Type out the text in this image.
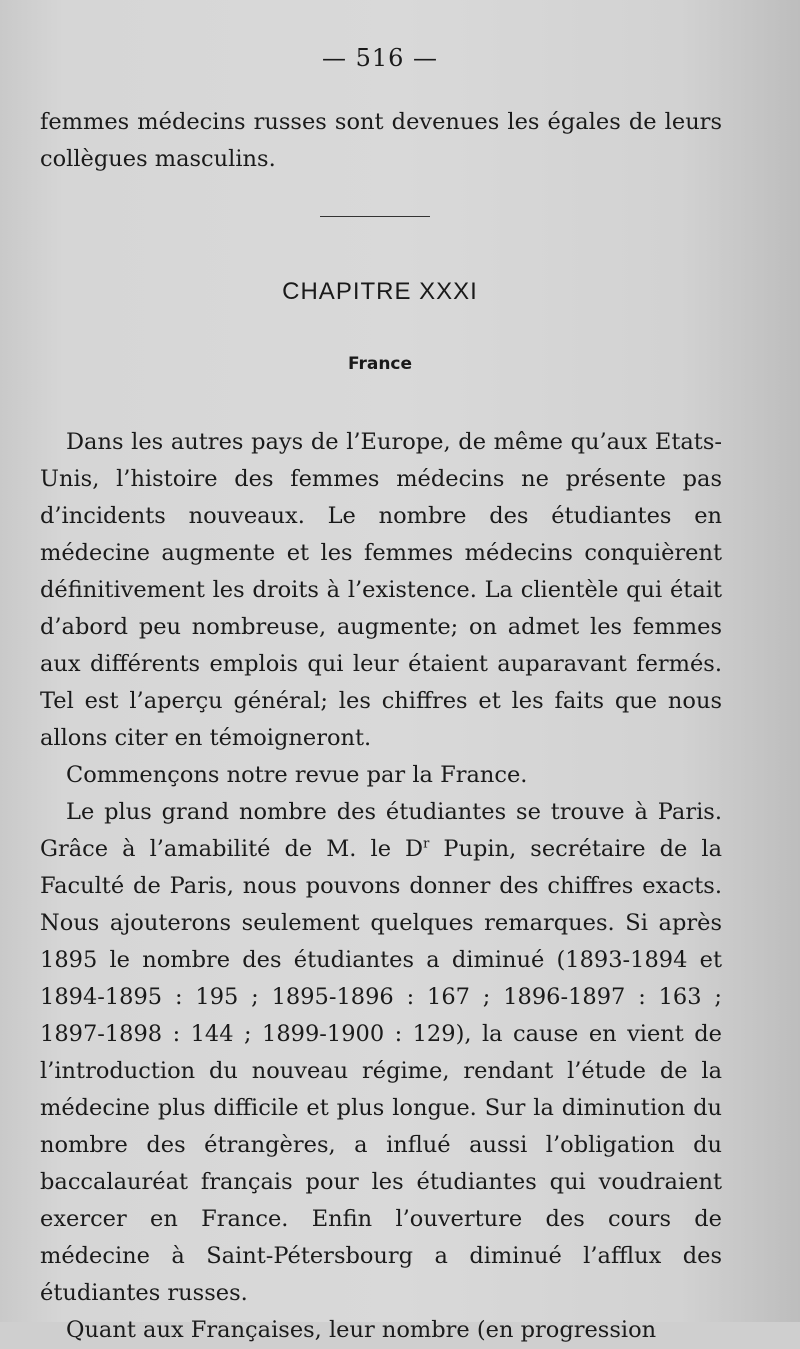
— 516 —

femmes médecins russes sont devenues les égales de leurs collègues masculins.

CHAPITRE XXXI
France

Dans les autres pays de l’Europe, de même qu’aux Etats-Unis, l’histoire des femmes médecins ne présente pas d’incidents nouveaux. Le nombre des étudiantes en médecine augmente et les femmes médecins conquièrent définitivement les droits à l’existence. La clientèle qui était d’abord peu nombreuse, augmente; on admet les femmes aux différents emplois qui leur étaient auparavant fermés. Tel est l’aperçu général; les chiffres et les faits que nous allons citer en témoigneront.

Commençons notre revue par la France.

Le plus grand nombre des étudiantes se trouve à Paris. Grâce à l’amabilité de M. le $D^r$ Pupin, secrétaire de la Faculté de Paris, nous pouvons donner des chiffres exacts. Nous ajouterons seulement quelques remarques. Si après 1895 le nombre des étudiantes a diminué (1893-1894 et 1894-1895 : 195 ; 1895-1896 : 167 ; 1896-1897 : 163 ; 1897-1898 : 144 ; 1899-1900 : 129), la cause en vient de l’introduction du nouveau régime, rendant l’étude de la médecine plus difficile et plus longue. Sur la diminution du nombre des étrangères, a influé aussi l’obligation du baccalauréat français pour les étudiantes qui voudraient exercer en France. Enfin l’ouverture des cours de médecine à Saint-Pétersbourg a diminué l’afflux des étudiantes russes.

Quant aux Françaises, leur nombre (en progression
